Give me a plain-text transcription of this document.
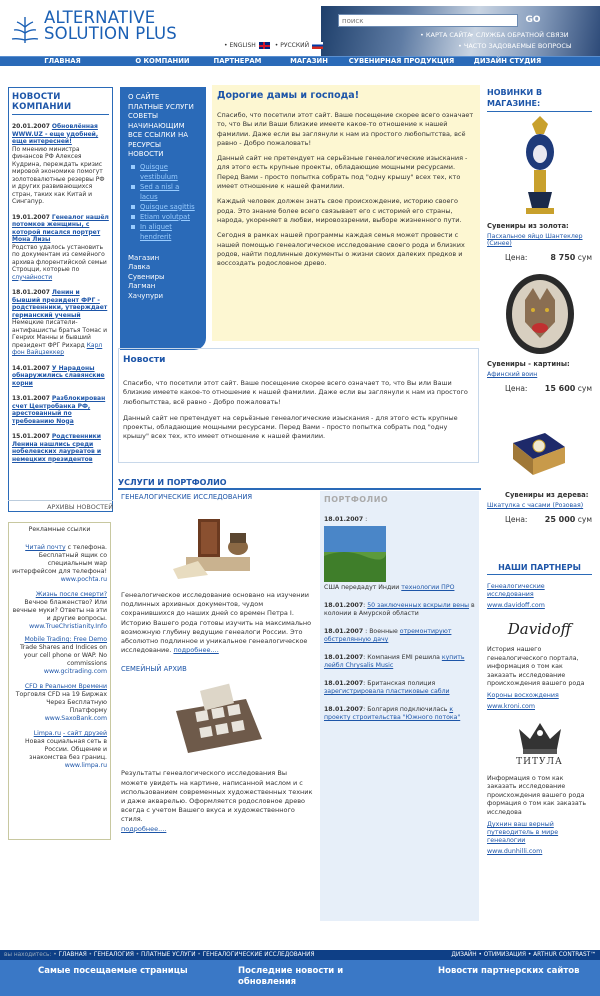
ALTERNATIVE
SOLUTION PLUS
поиск
GO
• КАРТА САЙТА
• СЛУЖБА ОБРАТНОЙ СВЯЗИ
• ЧАСТО ЗАДОВАЕМЫЕ ВОПРОСЫ
• ENGLISH	• РУССКИЙ
ГЛАВНАЯ	О КОМПАНИИ	ПАРТНЕРАМ	МАГАЗИН	СУВЕНИРНАЯ ПРОДУКЦИЯ	ДИЗАЙН СТУДИЯ
НОВОСТИ
КОМПАНИИ
20.01.2007 Обновлённая WWW.UZ - еще удобней, еще интересней!
По мнению министра финансов РФ Алексея Кудрина, переждать кризис мировой экономике помогут золотовалютные резервы РФ и других развивающихся стран, таких как Китай и Сингапур.
19.01.2007 Генеалог нашёл потомков женщины, с которой писался портрет Мона Лизы
Родство удалось установить по документам из семейного архива флорентийской семьи Строцци, которые по случайности
18.01.2007 Ленин и бывший президент ФРГ - родственники, утверждает германский ученый
Немецкие писатели-антифашисты братья Томас и Генрих Манны и бывший президент ФРГ Рихард Карл фон Вайцзеккер
14.01.2007 У Нарадоны обнаружились славянские корни
13.01.2007 Разблокирован счет Центробанка РФ, арестованный по требованию Noga
15.01.2007 Родственники Ленина нашлись среди нобелевских лауреатов и немецких президентов
АРХИВЫ НОВОСТЕЙ
Рекламные ссылки
Читай почту с телефона.
Бесплатный ящик со специальным wap интерфейсом для телефона!
www.pochta.ru
Жизнь после смерти?
Вечное блаженство? Или вечные муки? Ответы на эти и другие вопросы.
www.TrueChristianity.Info
Mobile Trading: Free Demo
Trade Shares and Indices on your cell phone or WAP. No commissions
www.gcitrading.com
CFD в Реальном Времени
Торговля CFD на 19 Биржах Через Бесплатную Платформу
www.SaxoBank.com
Limpa.ru - сайт друзей
Новая социальная сеть в России. Общение и знакомства без границ.
www.limpa.ru
О САЙТЕ
ПЛАТНЫЕ УСЛУГИ
СОВЕТЫ
НАЧИНАЮЩИМ
ВСЕ ССЫЛКИ НА
РЕСУРСЫ
НОВОСТИ
Quisque vestibulum
Sed a nisl a lacus
Quisque sagittis
Etiam volutpat
In aliquet hendrerit
Магазин
Лавка
Сувениры
Лагман
Хачупури
Дорогие дамы и господа!

Спасибо, что посетили этот сайт. Ваше посещение скорее всего означает то, что Вы или Ваши близкие имеете какое-то отношение к нашей фамилии. Даже если вы заглянули к нам из простого любопытства, всё равно - Добро пожаловать!

Данный сайт не претендует на серьёзные генеалогические изыскания - для этого есть крупные проекты, обладающие мощными ресурсами. Перед Вами - просто попытка собрать под "одну крышу" всех тех, кто имеет отношение к нашей фамилии.

Каждый человек должен знать свое происхождение, историю своего рода. Это знание более всего связывает его с историей его страны, народа, укореняет в любви, мировоззрении, выборе жизненного пути.

Сегодня в рамках нашей программы каждая семья может провести с нашей помощью генеалогическое исследование своего рода и близких родов, найти подлинные документы о жизни своих далеких предков и воссоздать родословное древо.

Новости

Спасибо, что посетили этот сайт. Ваше посещение скорее всего означает то, что Вы или Ваши близкие имеете какое-то отношение к нашей фамилии. Даже если вы заглянули к нам из простого любопытства, всё равно - Добро пожаловать!

Данный сайт не претендует на серьёзные генеалогические изыскания - для этого есть крупные проекты, обладающие мощными ресурсами. Перед Вами - просто попытка собрать под "одну крышу" всех тех, кто имеет отношение к нашей фамилии.

УСЛУГИ И ПОРТФОЛИО
ГЕНЕАЛОГИЧЕСКИЕ ИССЛЕДОВАНИЯ

Генеалогическое исследование основано на изучении подлинных архивных документов, чудом сохранившихся до наших дней со времен Петра I. Историю Вашего рода готовы изучить на максимально возможную глубину ведущие генеалоги России. Это абсолютно подлинное и уникальное генеалогическое исследование. подробнее....

СЕМЕЙНЫЙ АРХИВ

Результаты генеалогического исследования Вы можете увидеть на картине, написанной маслом и с использованием современных художественных техник и даже акварелью. Оформляется родословное древо всегда с учетом Вашего вкуса и художественного стиля.

подробнее....

ПОРТФОЛИО
18.01.2007 :
США передадут Индии технологии ПРО
18.01.2007: 50 заключенных вскрыли вены в колонии в Амурской области
18.01.2007 : Военные отремонтируют обстрелянную дачу
18.01.2007: Компания EMI решила купить лейбл Chrysalis Music
18.01.2007: Британская полиция зарегистрировала пластиковые сабли
18.01.2007: Болгария подключилась к проекту строительства "Южного потока"
НОВИНКИ В МАГАЗИНЕ:
Сувениры из золота:
Пасхальное яйцо Шантеклер (Синее)
Цена:	8 750 сум
Сувениры - картины:
Афинский воин
Цена: 15 600 сум
Сувениры из дерева:
Шкатулка с часами (Розовая)
Цена: 25 000 сум
НАШИ ПАРТНЕРЫ
Генеалогические исследования
www.davidoff.com
Davidoff
История нашего генеалогического портала, информация о том как заказать исследование происхождения вашего рода
Короны восхождения
www.kroni.com
ТИТУЛА
Информация о том как заказать исследование происхождения вашего рода формация о том как заказать исследова
Духнин ваш верный путеводитель в мире генеалогии
www.dunhilli.com
вы находитесь: • ГЛАВНАЯ • ГЕНЕАЛОГИЯ • ПЛАТНЫЕ УСЛУГИ • ГЕНЕАЛОГИЧЕСКИЕ ИССЛЕДОВАНИЯ	ДИЗАЙН • ОТИМИЗАЦИЯ • ARTHUR CONTRAST™
Самые посещаемые страницы	Последние новости и обновления
Новости партнерских сайтов
